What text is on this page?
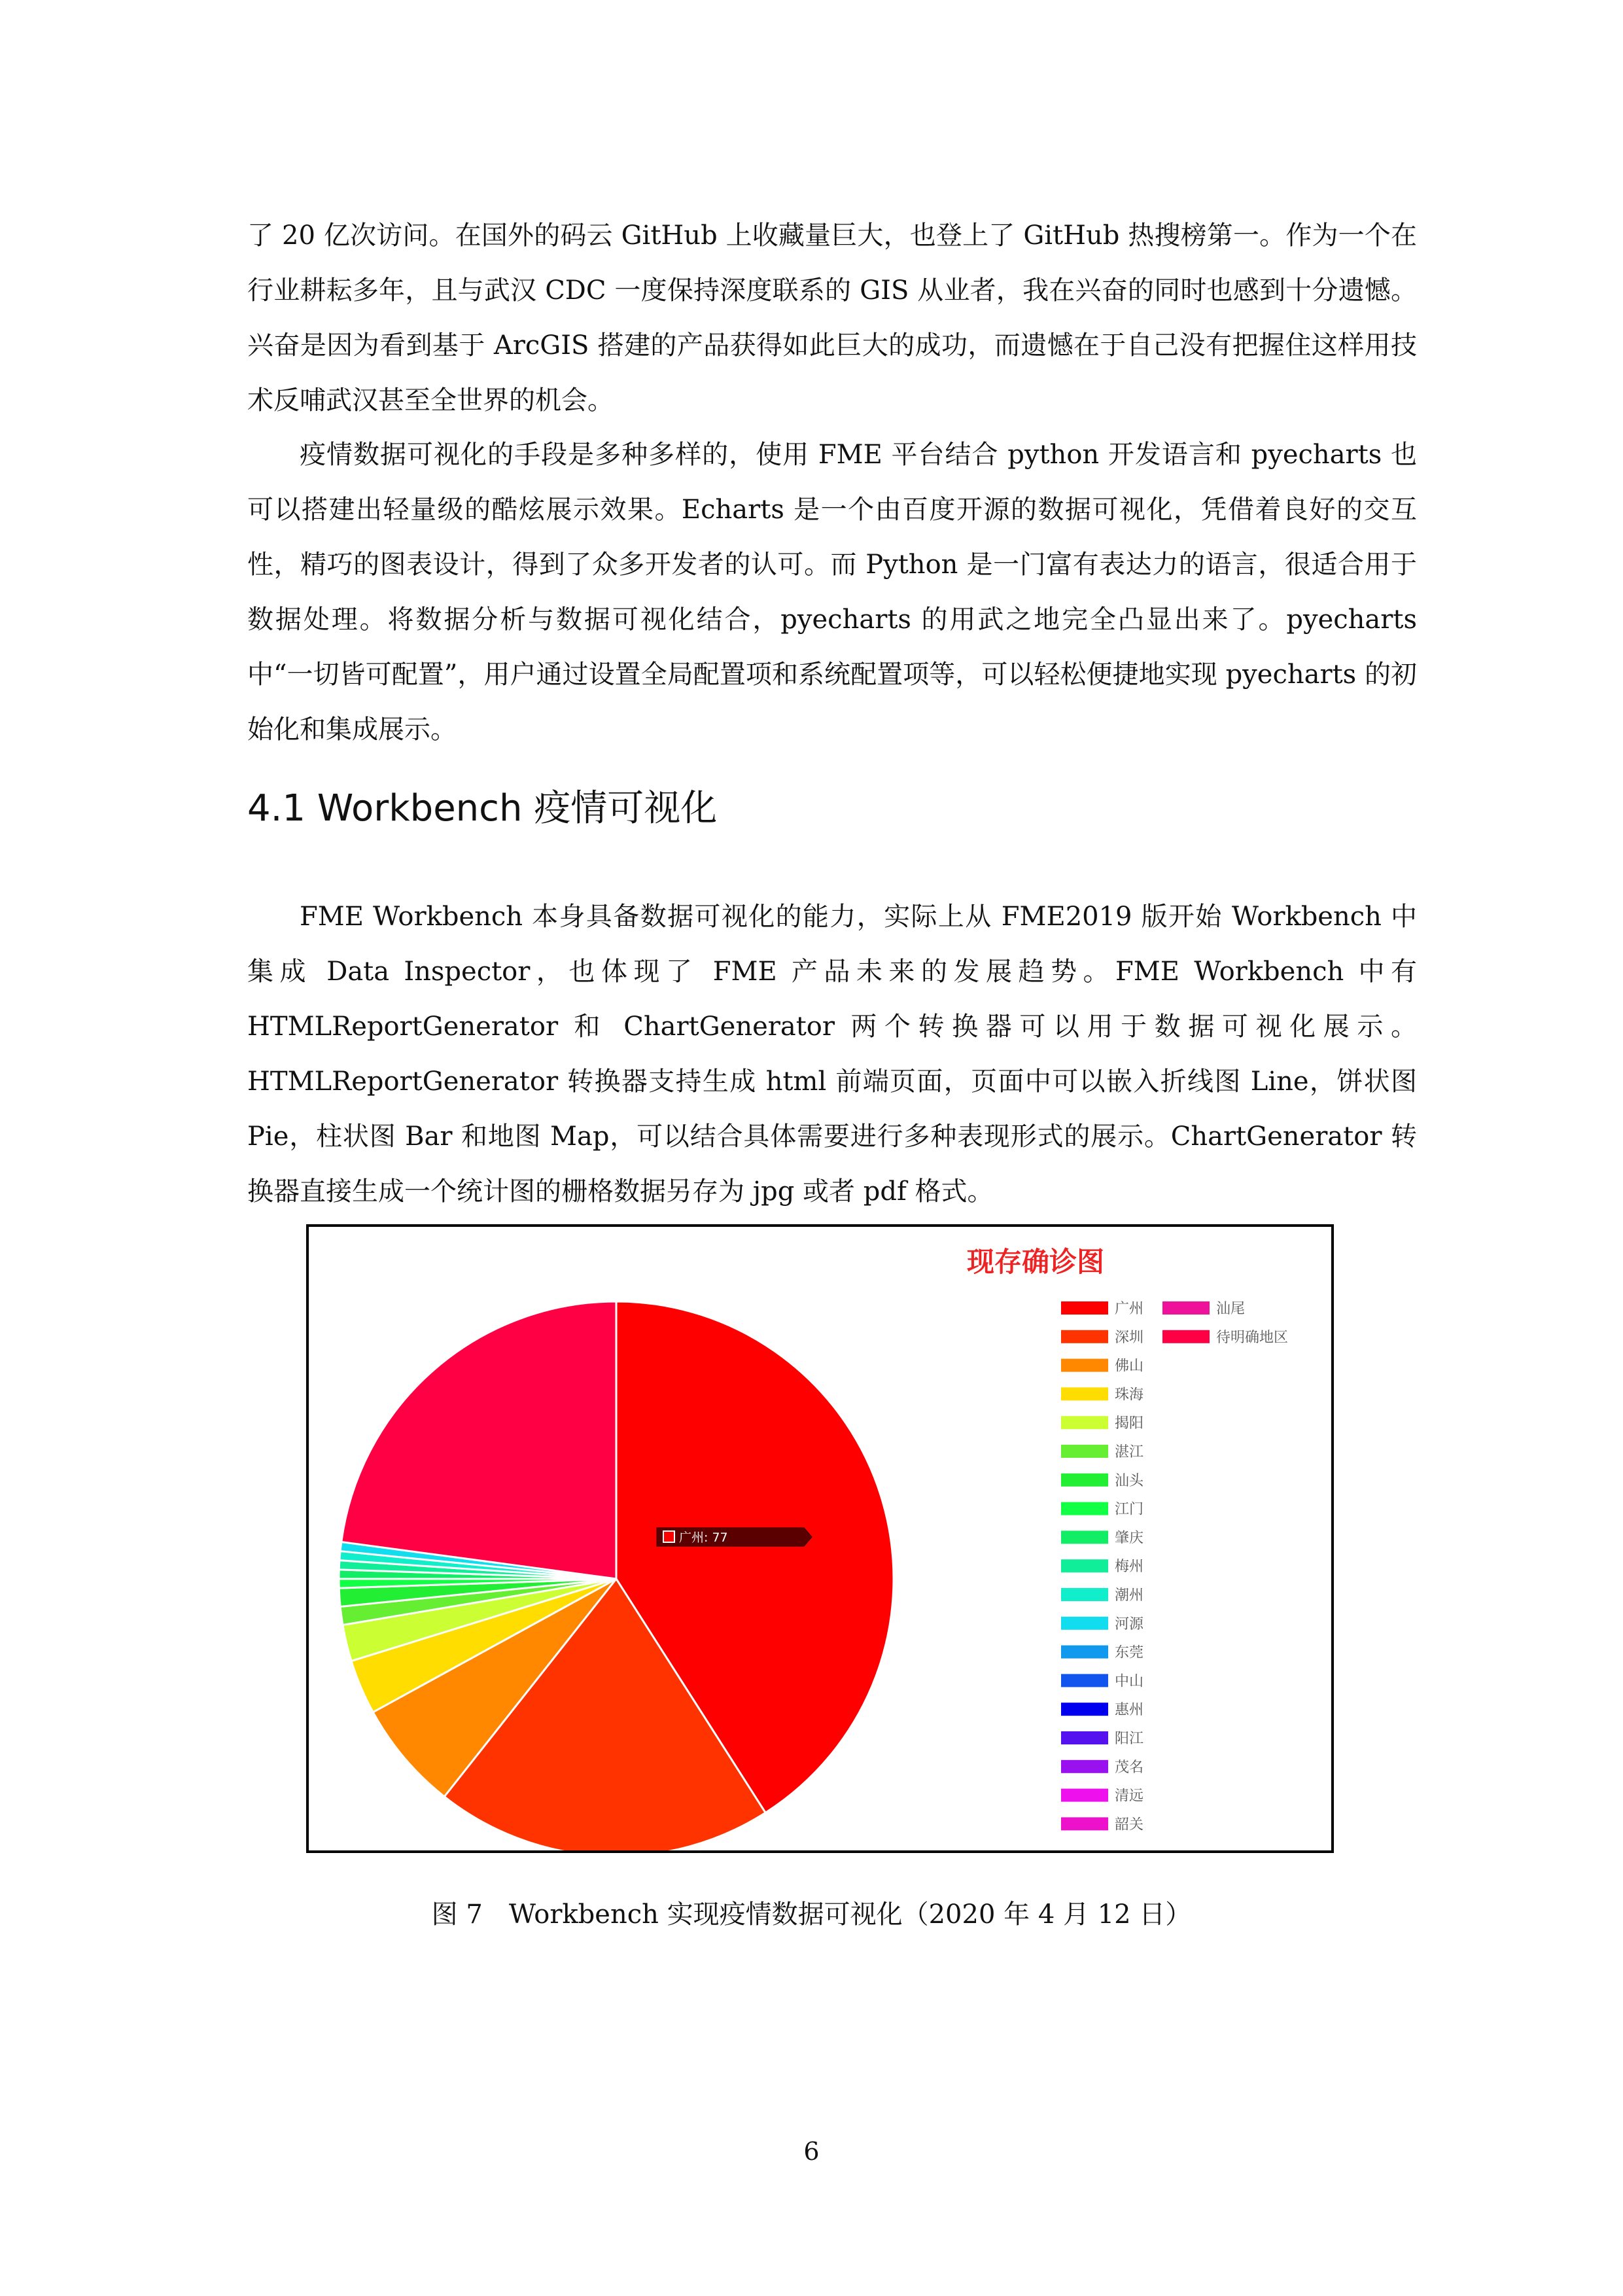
了 20 亿次访问。在国外的码云 GitHub 上收藏量巨大，也登上了 GitHub 热搜榜第一。作为一个在行业耕耘多年，且与武汉 CDC 一度保持深度联系的 GIS 从业者，我在兴奋的同时也感到十分遗憾。兴奋是因为看到基于 ArcGIS 搭建的产品获得如此巨大的成功，而遗憾在于自己没有把握住这样用技术反哺武汉甚至全世界的机会。

疫情数据可视化的手段是多种多样的，使用 FME 平台结合 python 开发语言和 pyecharts 也可以搭建出轻量级的酷炫展示效果。Echarts 是一个由百度开源的数据可视化，凭借着良好的交互性，精巧的图表设计，得到了众多开发者的认可。而 Python 是一门富有表达力的语言，很适合用于数据处理。将数据分析与数据可视化结合，pyecharts 的用武之地完全凸显出来了。pyecharts 中“一切皆可配置”，用户通过设置全局配置项和系统配置项等，可以轻松便捷地实现 pyecharts 的初始化和集成展示。

4.1 Workbench 疫情可视化

FME Workbench 本身具备数据可视化的能力，实际上从 FME2019 版开始 Workbench 中集成 Data Inspector，也体现了 FME 产品未来的发展趋势。FME Workbench 中有 HTMLReportGenerator 和 ChartGenerator 两个转换器可以用于数据可视化展示。HTMLReportGenerator 转换器支持生成 html 前端页面，页面中可以嵌入折线图 Line，饼状图 Pie，柱状图 Bar 和地图 Map，可以结合具体需要进行多种表现形式的展示。ChartGenerator 转换器直接生成一个统计图的栅格数据另存为 jpg 或者 pdf 格式。

现存确诊图
广州: 77
广州
深圳
佛山
珠海
揭阳
湛江
汕头
江门
肇庆
梅州
潮州
河源
东莞
中山
惠州
阳江
茂名
清远
韶关
汕尾
待明确地区

图 7　Workbench 实现疫情数据可视化（2020 年 4 月 12 日）

6
